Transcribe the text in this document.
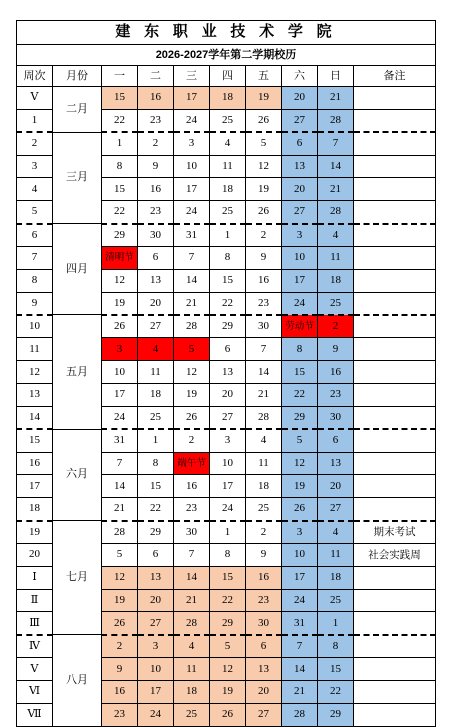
建 东 职 业 技 术 学 院									
2026-2027学年第二学期校历									
周次	月份	一	二	三	四	五	六	日	备注
Ⅴ	二月	15	16	17	18	19	20	21	
1		22	23	24	25	26	27	28	
2	三月	1	2	3	4	5	6	7	
3		8	9	10	11	12	13	14	
4		15	16	17	18	19	20	21	
5		22	23	24	25	26	27	28	
6	四月	29	30	31	1	2	3	4	
7		清明节	6	7	8	9	10	11	
8		12	13	14	15	16	17	18	
9		19	20	21	22	23	24	25	
10	五月	26	27	28	29	30	劳动节	2	
11		3	4	5	6	7	8	9	
12		10	11	12	13	14	15	16	
13		17	18	19	20	21	22	23	
14		24	25	26	27	28	29	30	
15	六月	31	1	2	3	4	5	6	
16		7	8	端午节	10	11	12	13	
17		14	15	16	17	18	19	20	
18		21	22	23	24	25	26	27	
19	七月	28	29	30	1	2	3	4	期末考试
20		5	6	7	8	9	10	11	社会实践周
Ⅰ		12	13	14	15	16	17	18	
Ⅱ		19	20	21	22	23	24	25	
Ⅲ		26	27	28	29	30	31	1	
Ⅳ	八月	2	3	4	5	6	7	8	
Ⅴ		9	10	11	12	13	14	15	
Ⅵ		16	17	18	19	20	21	22	
Ⅶ		23	24	25	26	27	28	29	
